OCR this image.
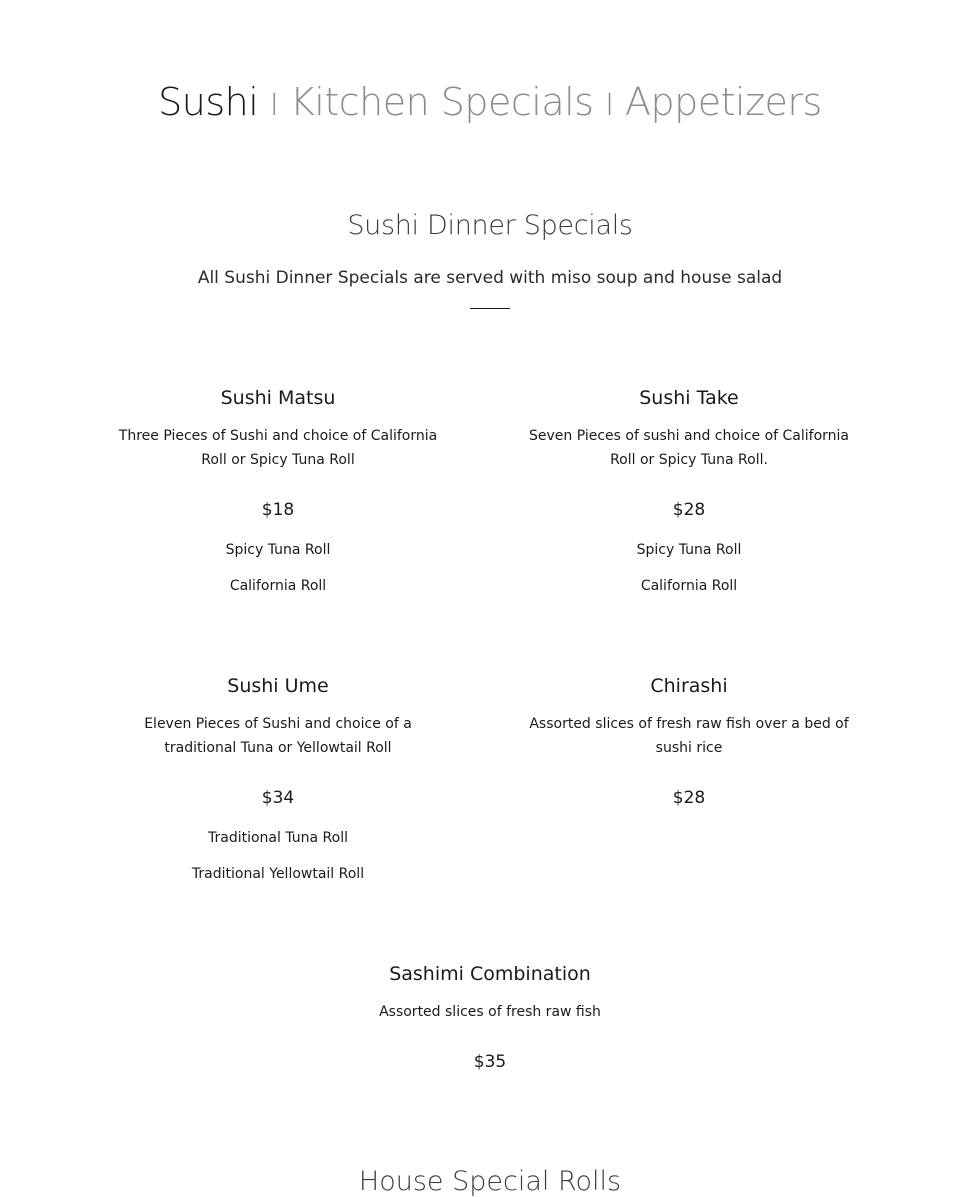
Sushi I Kitchen Specials I Appetizers
Sushi Dinner Specials
All Sushi Dinner Specials are served with miso soup and house salad
Sushi Matsu
Three Pieces of Sushi and choice of California Roll or Spicy Tuna Roll
$18
Spicy Tuna Roll
California Roll
Sushi Take
Seven Pieces of sushi and choice of California Roll or Spicy Tuna Roll.
$28
Spicy Tuna Roll
California Roll
Sushi Ume
Eleven Pieces of Sushi and choice of a traditional Tuna or Yellowtail Roll
$34
Traditional Tuna Roll
Traditional Yellowtail Roll
Chirashi
Assorted slices of fresh raw fish over a bed of sushi rice
$28
Sashimi Combination
Assorted slices of fresh raw fish
$35
House Special Rolls
